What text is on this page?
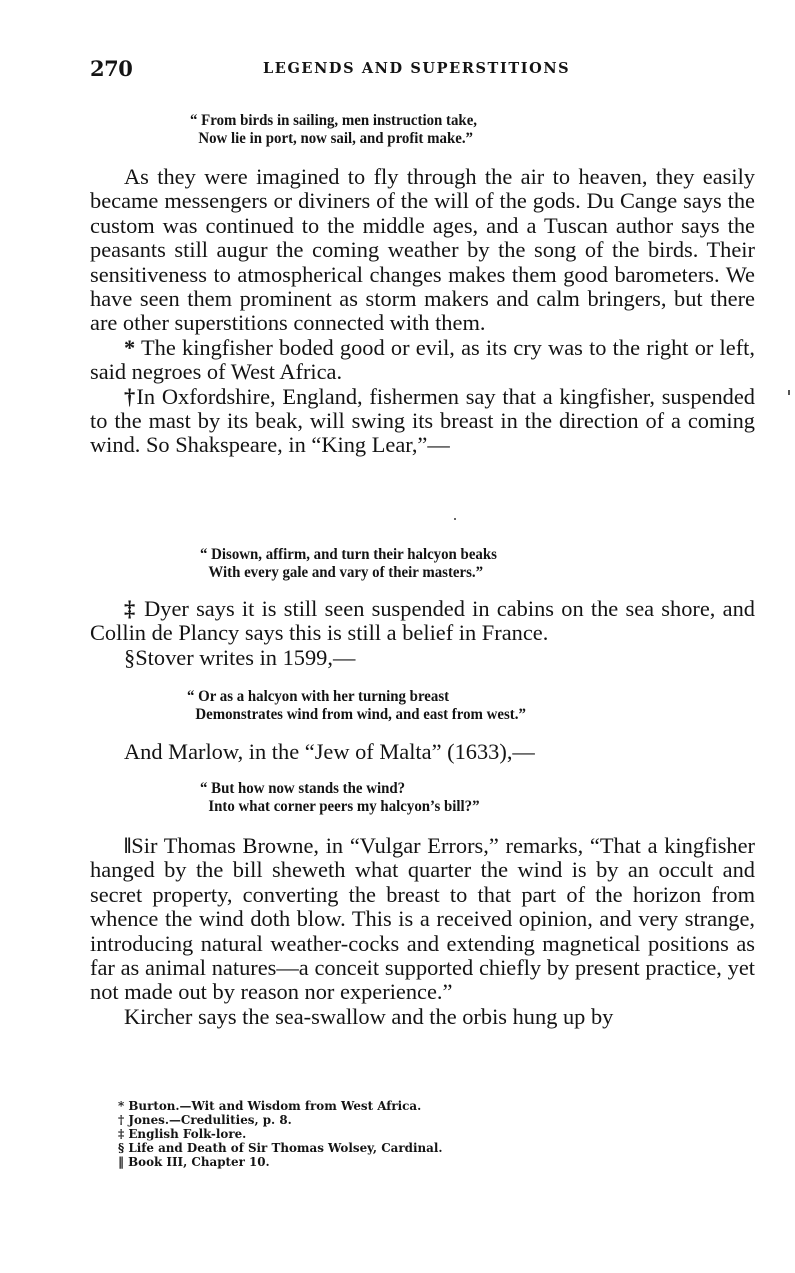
270	LEGENDS AND SUPERSTITIONS
“ From birds in sailing, men instruction take,
Now lie in port, now sail, and profit make.”

As they were imagined to fly through the air to heaven, they easily became messengers or diviners of the will of the gods. Du Cange says the custom was continued to the middle ages, and a Tuscan author says the peasants still augur the coming weather by the song of the birds. Their sensitiveness to atmospherical changes makes them good barometers. We have seen them prominent as storm makers and calm bringers, but there are other superstitions connected with them.

* The kingfisher boded good or evil, as its cry was to the right or left, said negroes of West Africa.

†In Oxfordshire, England, fishermen say that a kingfisher, suspended to the mast by its beak, will swing its breast in the direction of a coming wind. So Shakspeare, in “King Lear,”—

“ Disown, affirm, and turn their halcyon beaks
With every gale and vary of their masters.”

‡ Dyer says it is still seen suspended in cabins on the sea shore, and Collin de Plancy says this is still a belief in France.

§Stover writes in 1599,—

“ Or as a halcyon with her turning breast
Demonstrates wind from wind, and east from west.”

And Marlow, in the “Jew of Malta” (1633),—

“ But how now stands the wind?
Into what corner peers my halcyon’s bill?”

‖Sir Thomas Browne, in “Vulgar Errors,” remarks, “That a kingfisher hanged by the bill sheweth what quarter the wind is by an occult and secret property, converting the breast to that part of the horizon from whence the wind doth blow. This is a received opinion, and very strange, introducing natural weather-cocks and extending magnetical positions as far as animal natures—a conceit supported chiefly by present practice, yet not made out by reason nor experience.”

Kircher says the sea-swallow and the orbis hung up by

* Burton.—Wit and Wisdom from West Africa.
† Jones.—Credulities, p. 8.
‡ English Folk-lore.
§ Life and Death of Sir Thomas Wolsey, Cardinal.
‖ Book III, Chapter 10.
